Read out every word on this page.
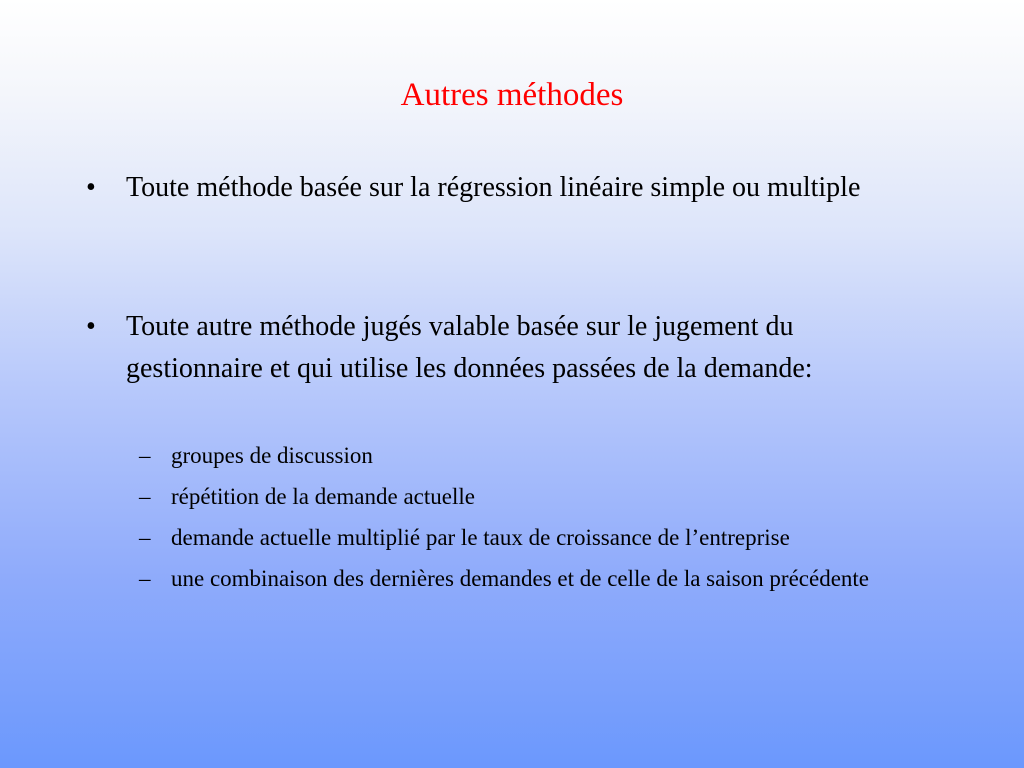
Autres méthodes
• Toute méthode basée sur la régression linéaire simple ou multiple
• Toute autre méthode jugés valable basée sur le jugement du gestionnaire et qui utilise les données passées de la demande:
– groupes de discussion
– répétition de la demande actuelle
– demande actuelle multiplié par le taux de croissance de l’entreprise
– une combinaison des dernières demandes et de celle de la saison précédente
